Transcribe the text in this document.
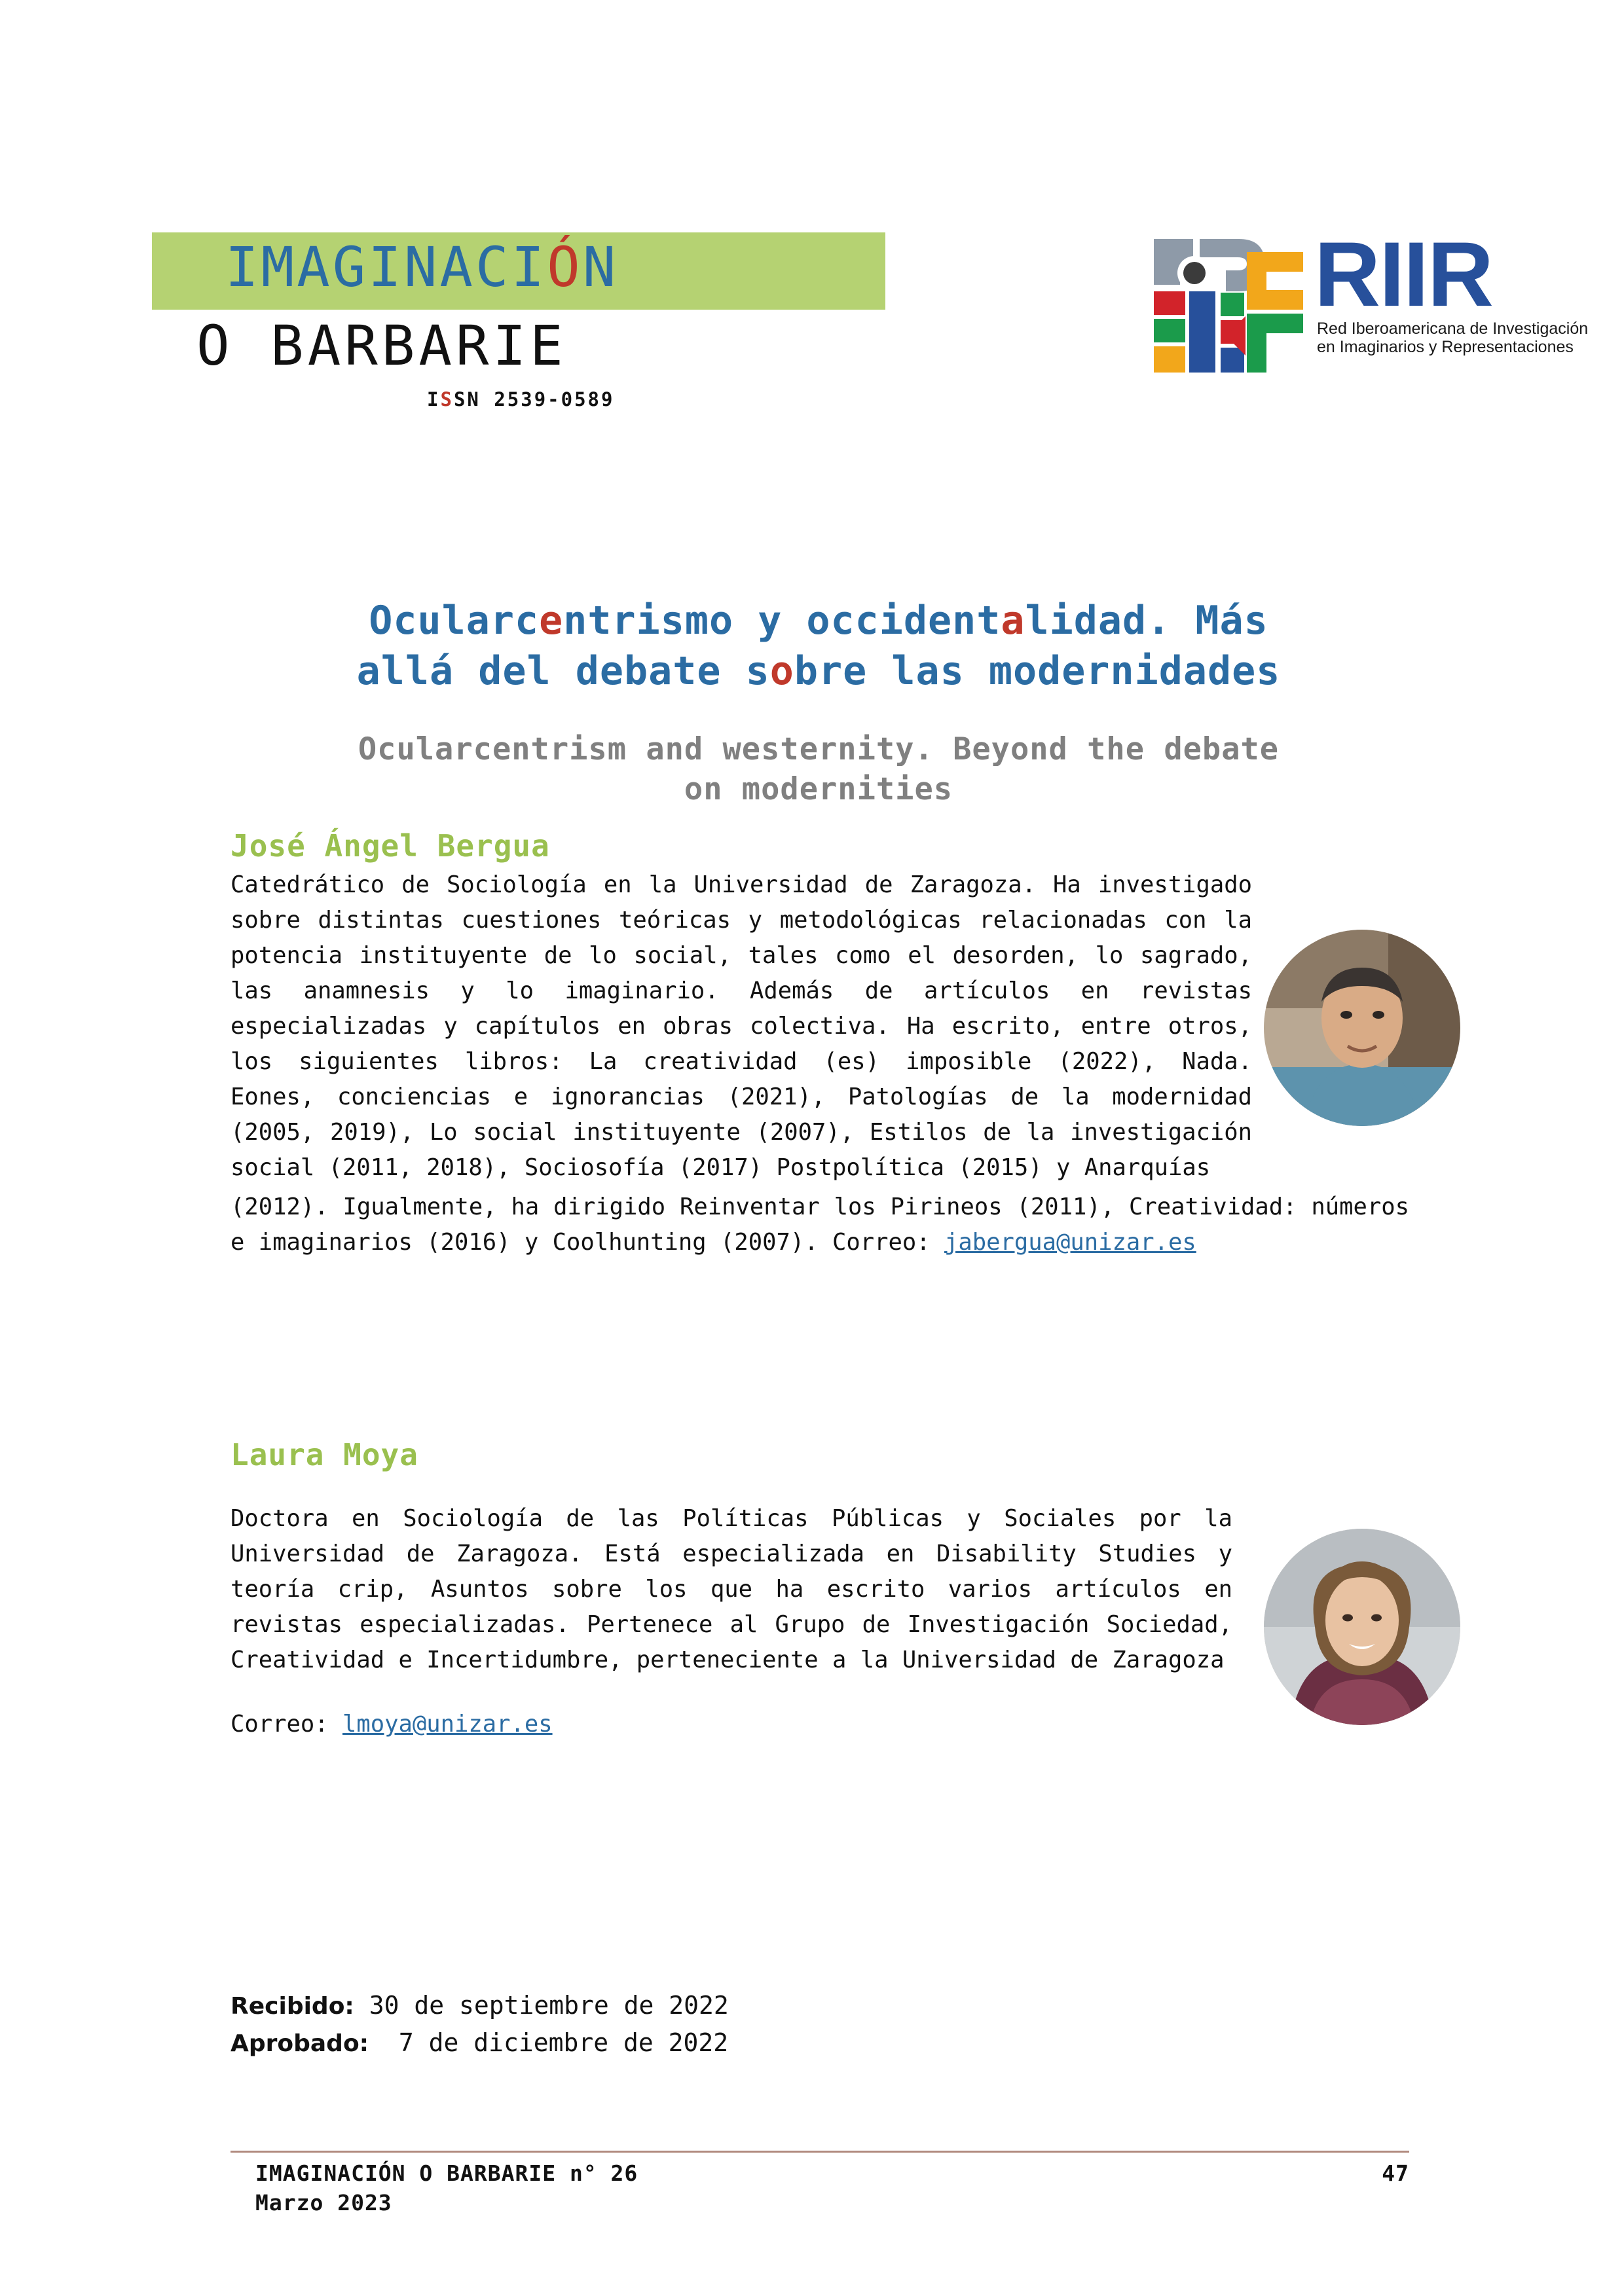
IMAGINACIÓN
O BARBARIE
ISSN 2539-0589
RIIR
Red Iberoamericana de Investigación
en Imaginarios y Representaciones
Ocularcentrismo y occidentalidad. Más
allá del debate sobre las modernidades
Ocularcentrism and westernity. Beyond the debate
on modernities
José Ángel Bergua
Catedrático de Sociología en la Universidad de Zaragoza. Ha investigado sobre distintas cuestiones teóricas y metodológicas relacionadas con la potencia instituyente de lo social, tales como el desorden, lo sagrado, las anamnesis y lo imaginario. Además de artículos en revistas especializadas y capítulos en obras colectiva. Ha escrito, entre otros, los siguientes libros: La creatividad (es) imposible (2022), Nada. Eones, conciencias e ignorancias (2021), Patologías de la modernidad (2005, 2019), Lo social instituyente (2007), Estilos de la investigación social (2011, 2018), Sociosofía (2017) Postpolítica (2015) y Anarquías
(2012). Igualmente, ha dirigido Reinventar los Pirineos (2011), Creatividad: números e imaginarios (2016) y Coolhunting (2007). Correo: jabergua@unizar.es
Laura Moya
Doctora en Sociología de las Políticas Públicas y Sociales por la Universidad de Zaragoza. Está especializada en Disability Studies y teoría crip, Asuntos sobre los que ha escrito varios artículos en revistas especializadas. Pertenece al Grupo de Investigación Sociedad, Creatividad e Incertidumbre, perteneciente a la Universidad de Zaragoza
Correo: lmoya@unizar.es
Recibido: 30 de septiembre de 2022
Aprobado: 7 de diciembre de 2022
IMAGINACIÓN O BARBARIE n° 26	47
Marzo 2023
